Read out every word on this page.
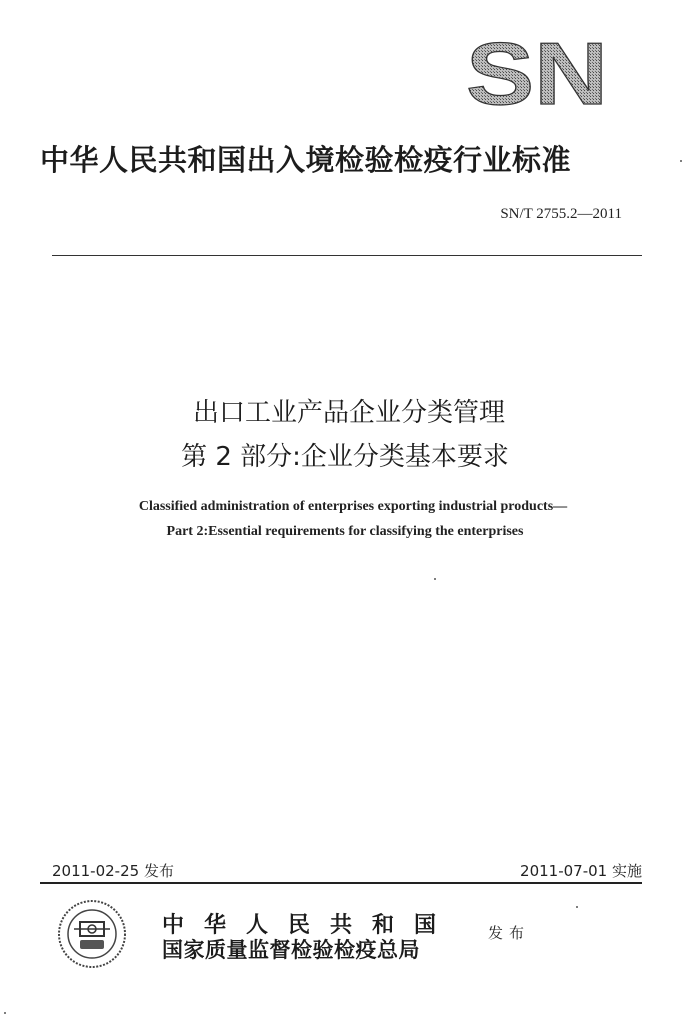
SN
中华人民共和国出入境检验检疫行业标准
SN/T 2755.2—2011
出口工业产品企业分类管理
第 2 部分:企业分类基本要求
Classified administration of enterprises exporting industrial products—
Part 2:Essential requirements for classifying the enterprises
2011-02-25 发布	2011-07-01 实施
中华人民共和国
国家质量监督检验检疫总局
发布
